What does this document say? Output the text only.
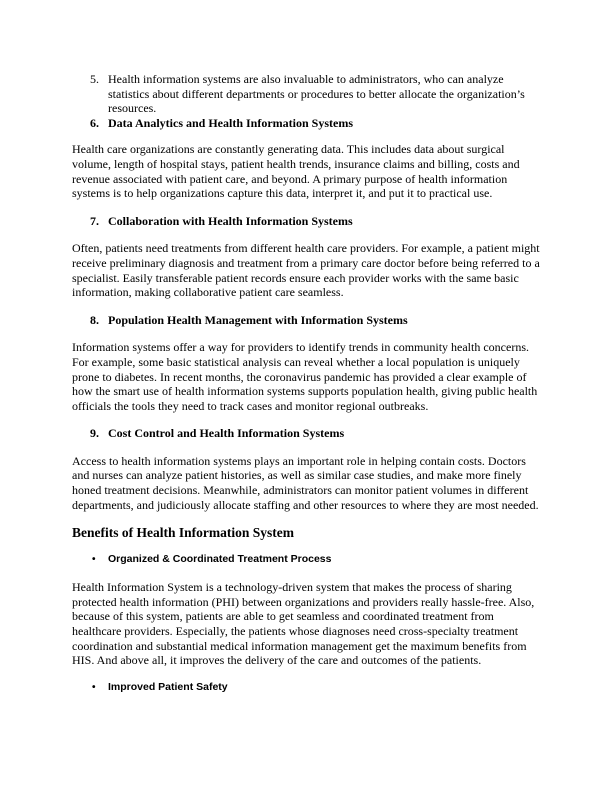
5. Health information systems are also invaluable to administrators, who can analyze statistics about different departments or procedures to better allocate the organization’s resources.
6. Data Analytics and Health Information Systems

Health care organizations are constantly generating data. This includes data about surgical volume, length of hospital stays, patient health trends, insurance claims and billing, costs and revenue associated with patient care, and beyond. A primary purpose of health information systems is to help organizations capture this data, interpret it, and put it to practical use.

7. Collaboration with Health Information Systems

Often, patients need treatments from different health care providers. For example, a patient might receive preliminary diagnosis and treatment from a primary care doctor before being referred to a specialist. Easily transferable patient records ensure each provider works with the same basic information, making collaborative patient care seamless.

8. Population Health Management with Information Systems

Information systems offer a way for providers to identify trends in community health concerns. For example, some basic statistical analysis can reveal whether a local population is uniquely prone to diabetes. In recent months, the coronavirus pandemic has provided a clear example of how the smart use of health information systems supports population health, giving public health officials the tools they need to track cases and monitor regional outbreaks.

9. Cost Control and Health Information Systems

Access to health information systems plays an important role in helping contain costs. Doctors and nurses can analyze patient histories, as well as similar case studies, and make more finely honed treatment decisions. Meanwhile, administrators can monitor patient volumes in different departments, and judiciously allocate staffing and other resources to where they are most needed.

Benefits of Health Information System
•	Organized & Coordinated Treatment Process

Health Information System is a technology-driven system that makes the process of sharing protected health information (PHI) between organizations and providers really hassle-free. Also, because of this system, patients are able to get seamless and coordinated treatment from healthcare providers. Especially, the patients whose diagnoses need cross-specialty treatment coordination and substantial medical information management get the maximum benefits from HIS. And above all, it improves the delivery of the care and outcomes of the patients.

•	Improved Patient Safety
